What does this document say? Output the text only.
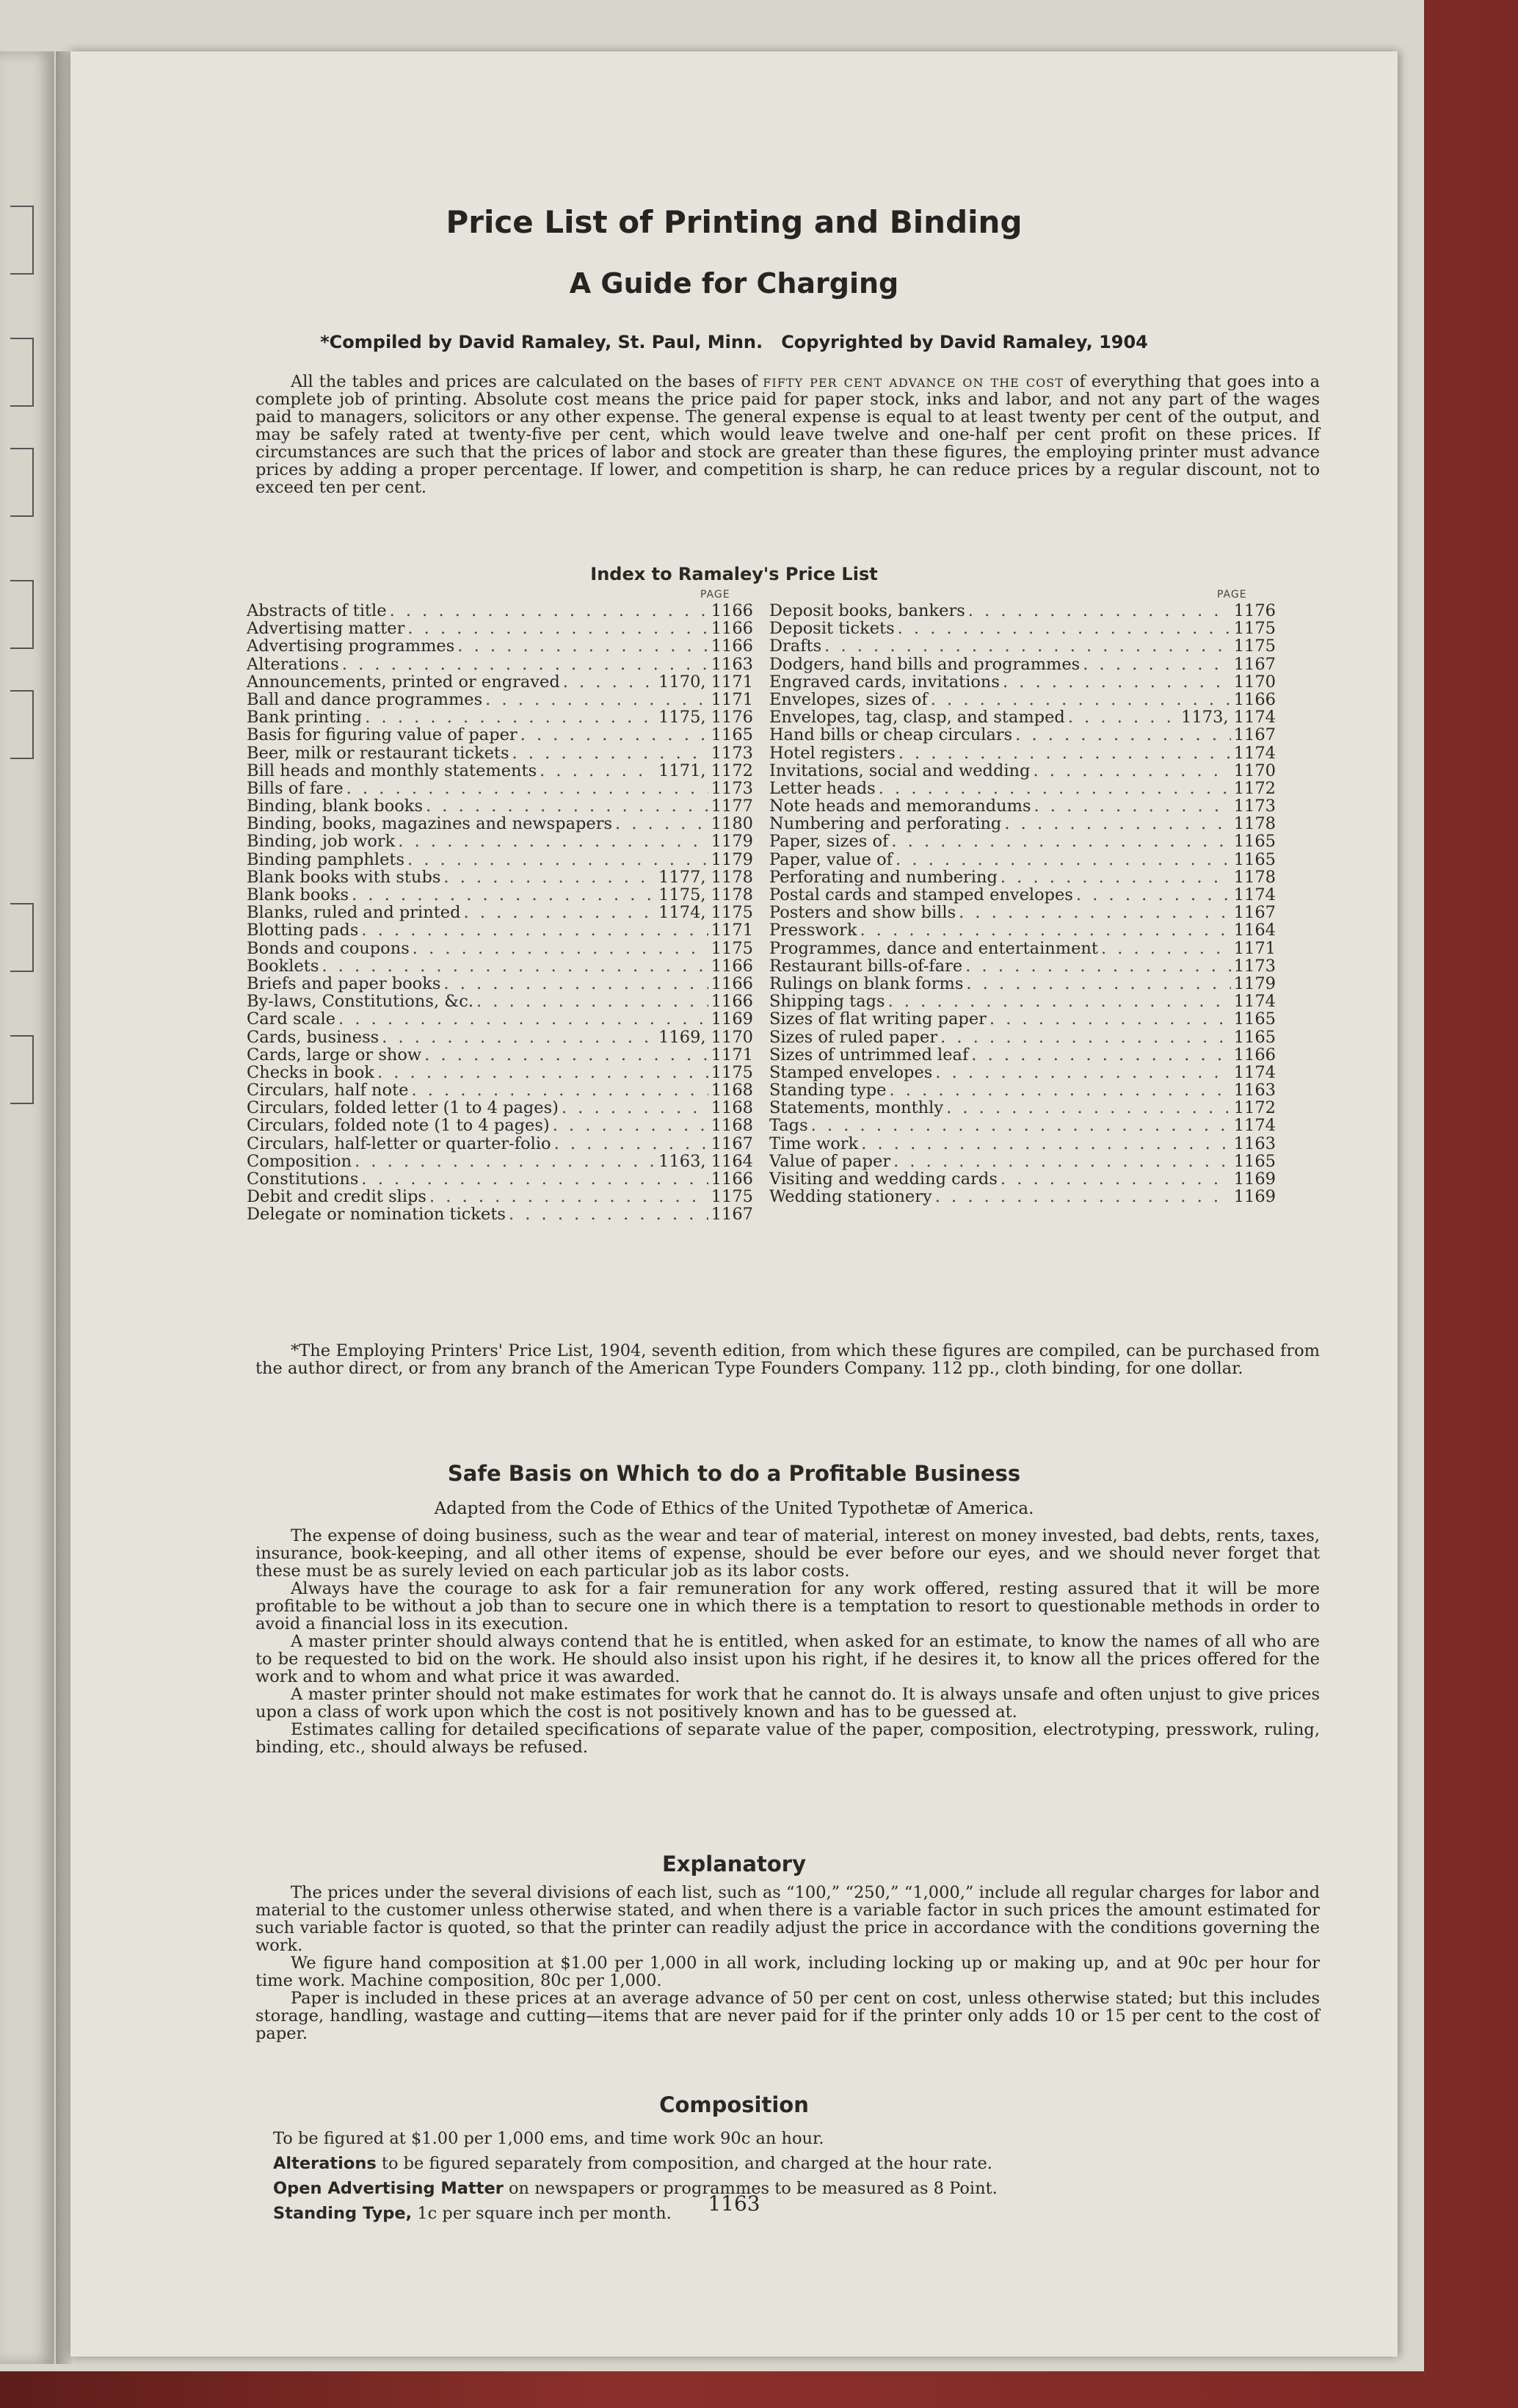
Price List of Printing and Binding
A Guide for Charging
*Compiled by David Ramaley, St. Paul, Minn. Copyrighted by David Ramaley, 1904

All the tables and prices are calculated on the bases of fifty per cent advance on the cost of everything that goes into a complete job of printing. Absolute cost means the price paid for paper stock, inks and labor, and not any part of the wages paid to managers, solicitors or any other expense. The general expense is equal to at least twenty per cent of the output, and may be safely rated at twenty-five per cent, which would leave twelve and one-half per cent profit on these prices. If circumstances are such that the prices of labor and stock are greater than these figures, the employing printer must advance prices by adding a proper percentage. If lower, and competition is sharp, he can reduce prices by a regular discount, not to exceed ten per cent.

Index to Ramaley's Price List
PAGE	PAGE
Abstracts of title . . .	1166
Advertising matter . . .	1166
Advertising programmes . . .	1166
Alterations . . .	1163
Announcements, printed or engraved . . .	1170, 1171
Ball and dance programmes . . .	1171
Bank printing . . .	1175, 1176
Basis for figuring value of paper . . .	1165
Beer, milk or restaurant tickets . . .	1173
Bill heads and monthly statements . . .	1171, 1172
Bills of fare . . .	1173
Binding, blank books . . .	1177
Binding, books, magazines and newspapers . . .	1180
Binding, job work . . .	1179
Binding pamphlets . . .	1179
Blank books with stubs . . .	1177, 1178
Blank books . . .	1175, 1178
Blanks, ruled and printed . . .	1174, 1175
Blotting pads . . .	1171
Bonds and coupons . . .	1175
Booklets . . .	1166
Briefs and paper books . . .	1166
By-laws, Constitutions, &c. . . .	1166
Card scale . . .	1169
Cards, business . . .	1169, 1170
Cards, large or show . . .	1171
Checks in book . . .	1175
Circulars, half note . . .	1168
Circulars, folded letter (1 to 4 pages) . . .	1168
Circulars, folded note (1 to 4 pages) . . .	1168
Circulars, half-letter or quarter-folio . . .	1167
Composition . . .	1163, 1164
Constitutions . . .	1166
Debit and credit slips . . .	1175
Delegate or nomination tickets . . .	1167
Deposit books, bankers . . .	1176
Deposit tickets . . .	1175
Drafts . . .	1175
Dodgers, hand bills and programmes . . .	1167
Engraved cards, invitations . . .	1170
Envelopes, sizes of . . .	1166
Envelopes, tag, clasp, and stamped . . .	1173, 1174
Hand bills or cheap circulars . . .	1167
Hotel registers . . .	1174
Invitations, social and wedding . . .	1170
Letter heads . . .	1172
Note heads and memorandums . . .	1173
Numbering and perforating . . .	1178
Paper, sizes of . . .	1165
Paper, value of . . .	1165
Perforating and numbering . . .	1178
Postal cards and stamped envelopes . . .	1174
Posters and show bills . . .	1167
Presswork . . .	1164
Programmes, dance and entertainment . . .	1171
Restaurant bills-of-fare . . .	1173
Rulings on blank forms . . .	1179
Shipping tags . . .	1174
Sizes of flat writing paper . . .	1165
Sizes of ruled paper . . .	1165
Sizes of untrimmed leaf . . .	1166
Stamped envelopes . . .	1174
Standing type . . .	1163
Statements, monthly . . .	1172
Tags . . .	1174
Time work . . .	1163
Value of paper . . .	1165
Visiting and wedding cards . . .	1169
Wedding stationery . . .	1169

*The Employing Printers' Price List, 1904, seventh edition, from which these figures are compiled, can be purchased from the author direct, or from any branch of the American Type Founders Company. 112 pp., cloth binding, for one dollar.

Safe Basis on Which to do a Profitable Business
Adapted from the Code of Ethics of the United Typothetæ of America.

The expense of doing business, such as the wear and tear of material, interest on money invested, bad debts, rents, taxes, insurance, book-keeping, and all other items of expense, should be ever before our eyes, and we should never forget that these must be as surely levied on each particular job as its labor costs.

Always have the courage to ask for a fair remuneration for any work offered, resting assured that it will be more profitable to be without a job than to secure one in which there is a temptation to resort to questionable methods in order to avoid a financial loss in its execution.

A master printer should always contend that he is entitled, when asked for an estimate, to know the names of all who are to be requested to bid on the work. He should also insist upon his right, if he desires it, to know all the prices offered for the work and to whom and what price it was awarded.

A master printer should not make estimates for work that he cannot do. It is always unsafe and often unjust to give prices upon a class of work upon which the cost is not positively known and has to be guessed at.

Estimates calling for detailed specifications of separate value of the paper, composition, electrotyping, presswork, ruling, binding, etc., should always be refused.

Explanatory

The prices under the several divisions of each list, such as “100,” “250,” “1,000,” include all regular charges for labor and material to the customer unless otherwise stated, and when there is a variable factor in such prices the amount estimated for such variable factor is quoted, so that the printer can readily adjust the price in accordance with the conditions governing the work.

We figure hand composition at $1.00 per 1,000 in all work, including locking up or making up, and at 90c per hour for time work. Machine composition, 80c per 1,000.

Paper is included in these prices at an average advance of 50 per cent on cost, unless otherwise stated; but this includes storage, handling, wastage and cutting—items that are never paid for if the printer only adds 10 or 15 per cent to the cost of paper.

Composition
To be figured at $1.00 per 1,000 ems, and time work 90c an hour.
Alterations to be figured separately from composition, and charged at the hour rate.
Open Advertising Matter on newspapers or programmes to be measured as 8 Point.
Standing Type, 1c per square inch per month.	1163
